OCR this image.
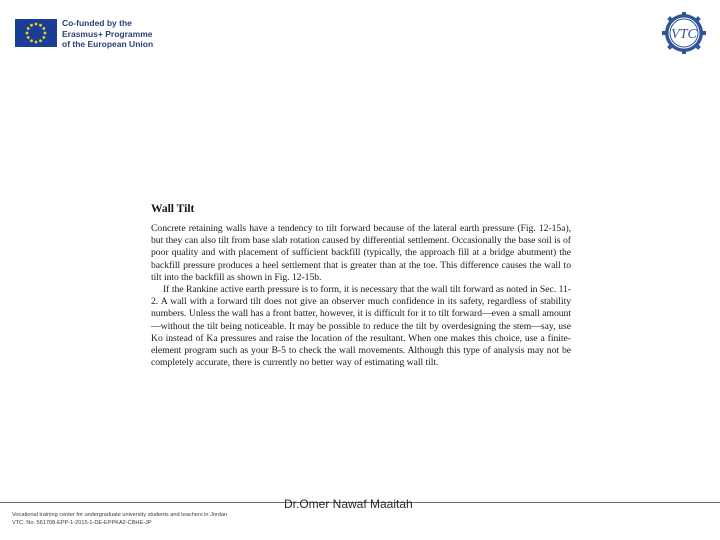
Co-funded by the
Erasmus+ Programme
of the European Union
VTC
Wall Tilt

Concrete retaining walls have a tendency to tilt forward because of the lateral earth pressure (Fig. 12-15a), but they can also tilt from base slab rotation caused by differential settlement. Occasionally the base soil is of poor quality and with placement of sufficient backfill (typically, the approach fill at a bridge abutment) the backfill pressure produces a heel settlement that is greater than at the toe. This difference causes the wall to tilt into the backfill as shown in Fig. 12-15b.

If the Rankine active earth pressure is to form, it is necessary that the wall tilt forward as noted in Sec. 11-2. A wall with a forward tilt does not give an observer much confidence in its safety, regardless of stability numbers. Unless the wall has a front batter, however, it is difficult for it to tilt forward—even a small amount—without the tilt being noticeable. It may be possible to reduce the tilt by overdesigning the stem—say, use Ko instead of Ka pressures and raise the location of the resultant. When one makes this choice, use a finite-element program such as your B-5 to check the wall movements. Although this type of analysis may not be completely accurate, there is currently no better way of estimating wall tilt.

Dr.Omer Nawaf Maaitah
Vocational training center for undergraduate university students and teachers in Jordan
VTC: No. 561708-EPP-1-2015-1-DE-EPPKA2-CBHE-JP
